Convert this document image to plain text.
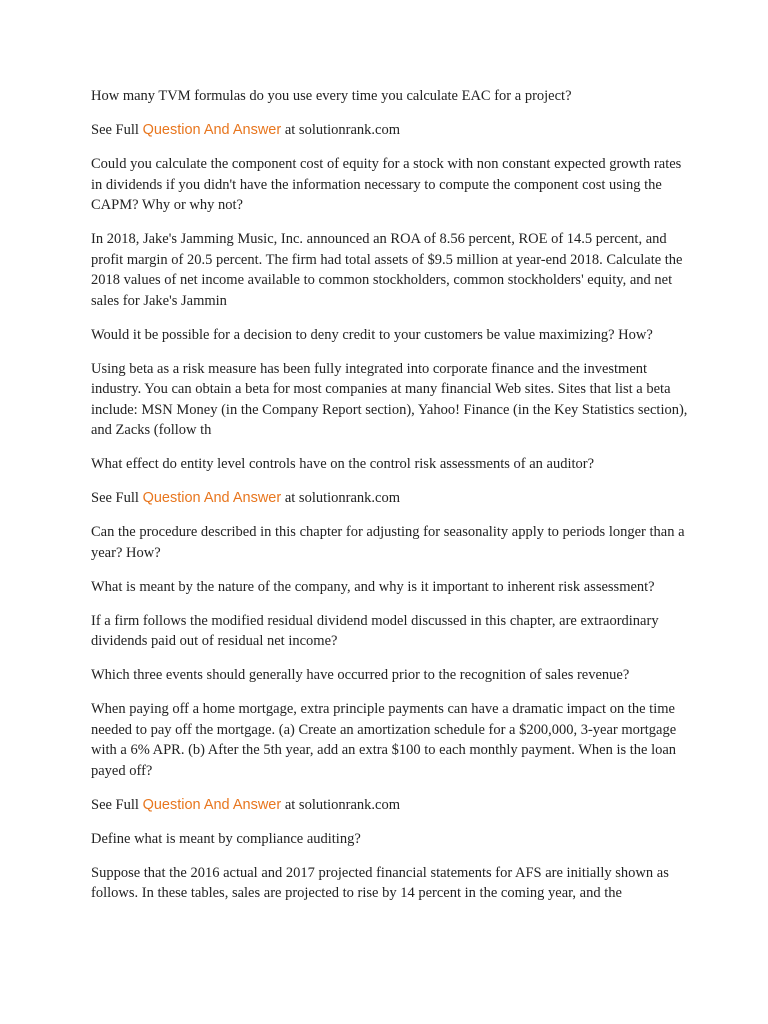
How many TVM formulas do you use every time you calculate EAC for a project?

See Full Question And Answer at solutionrank.com

Could you calculate the component cost of equity for a stock with non constant expected growth rates in dividends if you didn't have the information necessary to compute the component cost using the CAPM? Why or why not?

In 2018, Jake's Jamming Music, Inc. announced an ROA of 8.56 percent, ROE of 14.5 percent, and profit margin of 20.5 percent. The firm had total assets of $9.5 million at year-end 2018. Calculate the 2018 values of net income available to common stockholders, common stockholders' equity, and net sales for Jake's Jammin

Would it be possible for a decision to deny credit to your customers be value maximizing? How?

Using beta as a risk measure has been fully integrated into corporate finance and the investment industry. You can obtain a beta for most companies at many financial Web sites. Sites that list a beta include: MSN Money (in the Company Report section), Yahoo! Finance (in the Key Statistics section), and Zacks (follow th

What effect do entity level controls have on the control risk assessments of an auditor?

See Full Question And Answer at solutionrank.com

Can the procedure described in this chapter for adjusting for seasonality apply to periods longer than a year? How?

What is meant by the nature of the company, and why is it important to inherent risk assessment?

If a firm follows the modified residual dividend model discussed in this chapter, are extraordinary dividends paid out of residual net income?

Which three events should generally have occurred prior to the recognition of sales revenue?

When paying off a home mortgage, extra principle payments can have a dramatic impact on the time needed to pay off the mortgage. (a) Create an amortization schedule for a $200,000, 3-year mortgage with a 6% APR. (b) After the 5th year, add an extra $100 to each monthly payment. When is the loan payed off?

See Full Question And Answer at solutionrank.com

Define what is meant by compliance auditing?

Suppose that the 2016 actual and 2017 projected financial statements for AFS are initially shown as follows. In these tables, sales are projected to rise by 14 percent in the coming year, and the
